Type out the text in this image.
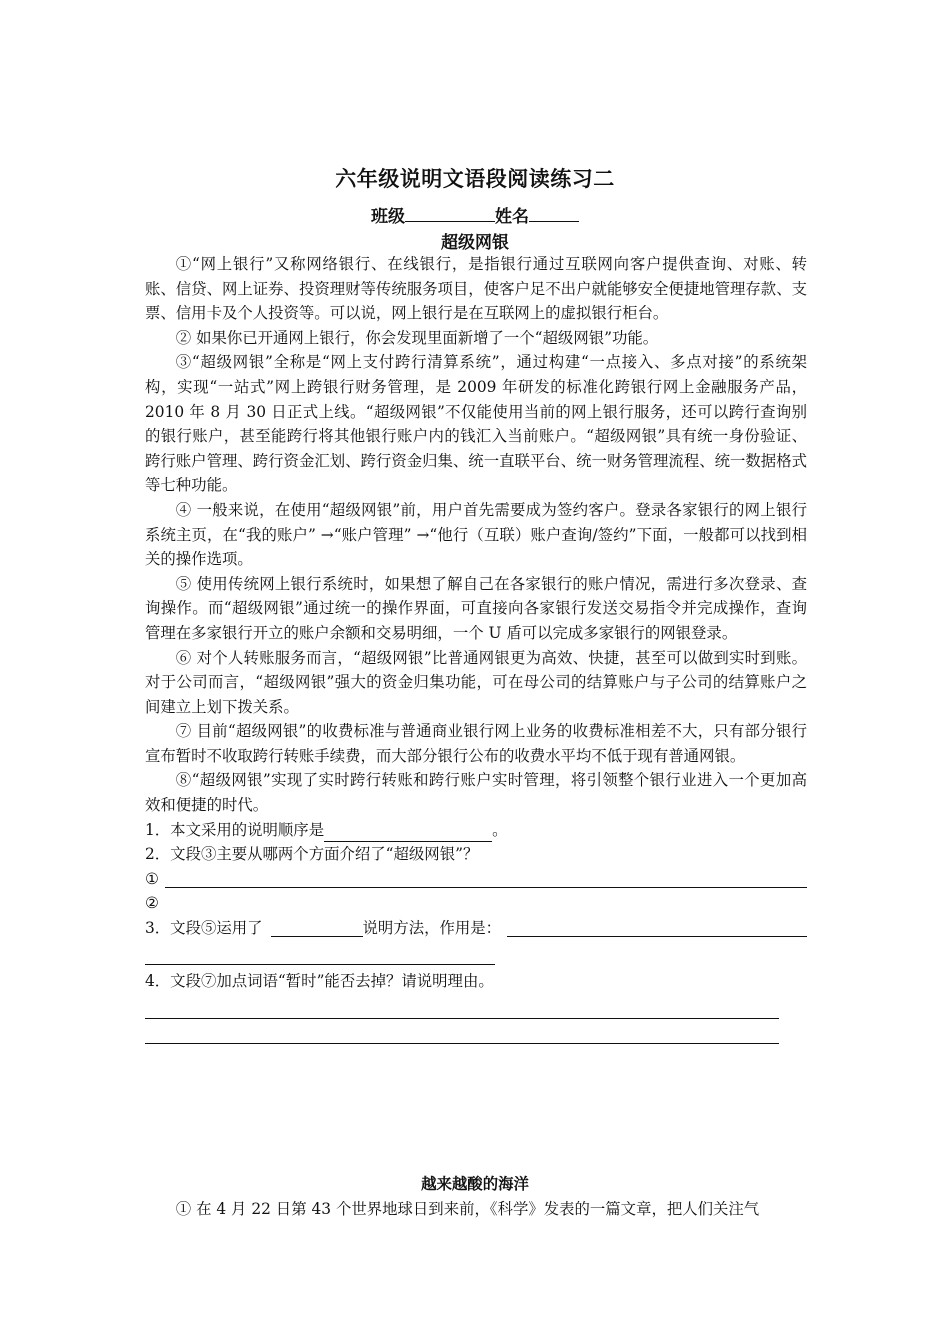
六年级说明文语段阅读练习二
班级	姓名
超级网银

①“网上银行”又称网络银行、在线银行，是指银行通过互联网向客户提供查询、对账、转账、信贷、网上证券、投资理财等传统服务项目，使客户足不出户就能够安全便捷地管理存款、支票、信用卡及个人投资等。可以说，网上银行是在互联网上的虚拟银行柜台。

② 如果你已开通网上银行，你会发现里面新增了一个“超级网银”功能。

③“超级网银”全称是“网上支付跨行清算系统”，通过构建“一点接入、多点对接”的系统架构，实现“一站式”网上跨银行财务管理，是 2009 年研发的标准化跨银行网上金融服务产品，2010 年 8 月 30 日正式上线。“超级网银”不仅能使用当前的网上银行服务，还可以跨行查询别的银行账户，甚至能跨行将其他银行账户内的钱汇入当前账户。“超级网银”具有统一身份验证、跨行账户管理、跨行资金汇划、跨行资金归集、统一直联平台、统一财务管理流程、统一数据格式等七种功能。

④ 一般来说，在使用“超级网银”前，用户首先需要成为签约客户。登录各家银行的网上银行系统主页，在“我的账户” →“账户管理” →“他行（互联）账户查询/签约”下面，一般都可以找到相关的操作选项。

⑤ 使用传统网上银行系统时，如果想了解自己在各家银行的账户情况，需进行多次登录、查询操作。而“超级网银”通过统一的操作界面，可直接向各家银行发送交易指令并完成操作，查询管理在多家银行开立的账户余额和交易明细，一个 U 盾可以完成多家银行的网银登录。

⑥ 对个人转账服务而言，“超级网银”比普通网银更为高效、快捷，甚至可以做到实时到账。对于公司而言，“超级网银”强大的资金归集功能，可在母公司的结算账户与子公司的结算账户之间建立上划下拨关系。

⑦ 目前“超级网银”的收费标准与普通商业银行网上业务的收费标准相差不大，只有部分银行宣布暂时不收取跨行转账手续费，而大部分银行公布的收费水平均不低于现有普通网银。

⑧“超级网银”实现了实时跨行转账和跨行账户实时管理，将引领整个银行业进入一个更加高效和便捷的时代。

1．本文采用的说明顺序是	。
2．文段③主要从哪两个方面介绍了“超级网银”？
①
②
3．文段⑤运用了	说明方法，作用是：
4．文段⑦加点词语“暂时”能否去掉？请说明理由。
越来越酸的海洋

① 在 4 月 22 日第 43 个世界地球日到来前，《科学》发表的一篇文章，把人们关注气
